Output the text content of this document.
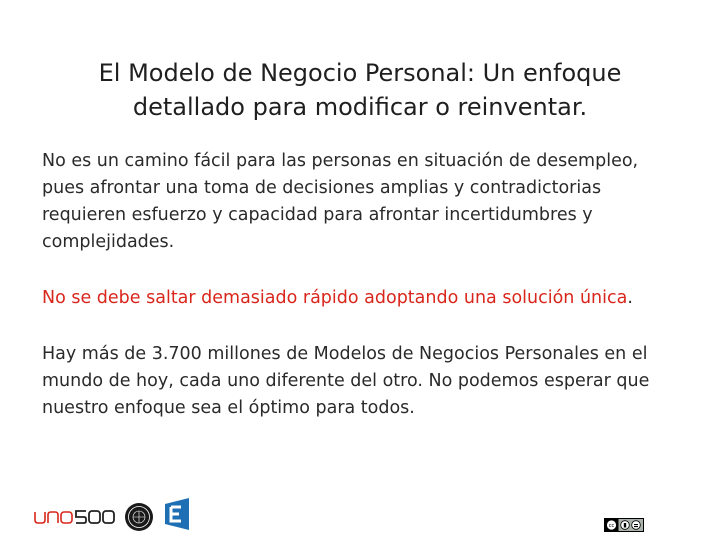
El Modelo de Negocio Personal: Un enfoque detallado para modificar o reinventar.

No es un camino fácil para las personas en situación de desempleo, pues afrontar una toma de decisiones amplias y contradictorias requieren esfuerzo y capacidad para afrontar incertidumbres y complejidades.

No se debe saltar demasiado rápido adoptando una solución única.

Hay más de 3.700 millones de Modelos de Negocios Personales en el mundo de hoy, cada uno diferente del otro. No podemos esperar que nuestro enfoque sea el óptimo para todos.

cc
